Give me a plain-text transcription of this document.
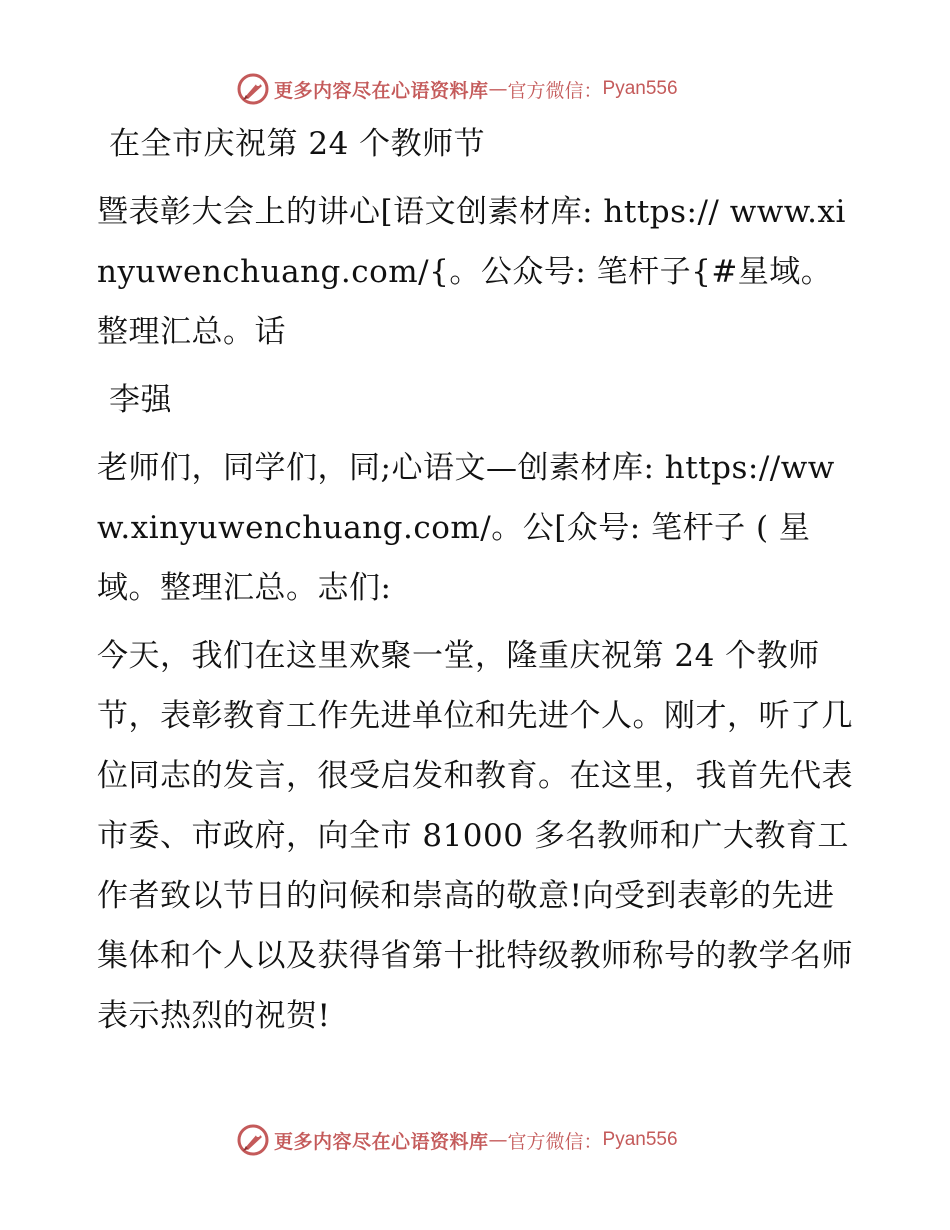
更多内容尽在心语资料库 — 官方微信： Pyan556

在全市庆祝第 24 个教师节

暨表彰大会上的讲心[语文创素材库: https:// www.xinyuwenchuang.com/{。公众号: 笔杆子{#星域。整理汇总。话

李强

老师们，同学们，同;心语文—创素材库: https://www.xinyuwenchuang.com/。公[众号: 笔杆子 ( 星域。整理汇总。志们:

今天，我们在这里欢聚一堂，隆重庆祝第 24 个教师节，表彰教育工作先进单位和先进个人。刚才，听了几位同志的发言，很受启发和教育。在这里，我首先代表市委、市政府，向全市 81000 多名教师和广大教育工作者致以节日的问候和崇高的敬意!向受到表彰的先进集体和个人以及获得省第十批特级教师称号的教学名师表示热烈的祝贺!

更多内容尽在心语资料库 — 官方微信： Pyan556
